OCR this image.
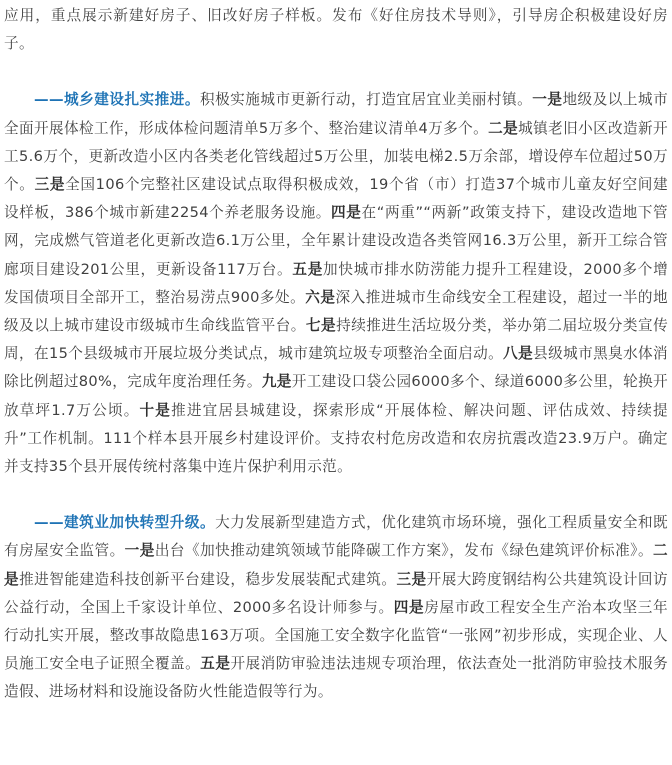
应用，重点展示新建好房子、旧改好房子样板。发布《好住房技术导则》，引导房企积极建设好房子。

——城乡建设扎实推进。积极实施城市更新行动，打造宜居宜业美丽村镇。一是地级及以上城市全面开展体检工作，形成体检问题清单5万多个、整治建议清单4万多个。二是城镇老旧小区改造新开工5.6万个，更新改造小区内各类老化管线超过5万公里，加装电梯2.5万余部，增设停车位超过50万个。三是全国106个完整社区建设试点取得积极成效，19个省（市）打造37个城市儿童友好空间建设样板，386个城市新建2254个养老服务设施。四是在“两重”“两新”政策支持下，建设改造地下管网，完成燃气管道老化更新改造6.1万公里，全年累计建设改造各类管网16.3万公里，新开工综合管廊项目建设201公里，更新设备117万台。五是加快城市排水防涝能力提升工程建设，2000多个增发国债项目全部开工，整治易涝点900多处。六是深入推进城市生命线安全工程建设，超过一半的地级及以上城市建设市级城市生命线监管平台。七是持续推进生活垃圾分类，举办第二届垃圾分类宣传周，在15个县级城市开展垃圾分类试点，城市建筑垃圾专项整治全面启动。八是县级城市黑臭水体消除比例超过80%，完成年度治理任务。九是开工建设口袋公园6000多个、绿道6000多公里，轮换开放草坪1.7万公顷。十是推进宜居县城建设，探索形成“开展体检、解决问题、评估成效、持续提升”工作机制。111个样本县开展乡村建设评价。支持农村危房改造和农房抗震改造23.9万户。确定并支持35个县开展传统村落集中连片保护利用示范。

——建筑业加快转型升级。大力发展新型建造方式，优化建筑市场环境，强化工程质量安全和既有房屋安全监管。一是出台《加快推动建筑领域节能降碳工作方案》，发布《绿色建筑评价标准》。二是推进智能建造科技创新平台建设，稳步发展装配式建筑。三是开展大跨度钢结构公共建筑设计回访公益行动，全国上千家设计单位、2000多名设计师参与。四是房屋市政工程安全生产治本攻坚三年行动扎实开展，整改事故隐患163万项。全国施工安全数字化监管“一张网”初步形成，实现企业、人员施工安全电子证照全覆盖。五是开展消防审验违法违规专项治理，依法查处一批消防审验技术服务造假、进场材料和设施设备防火性能造假等行为。
